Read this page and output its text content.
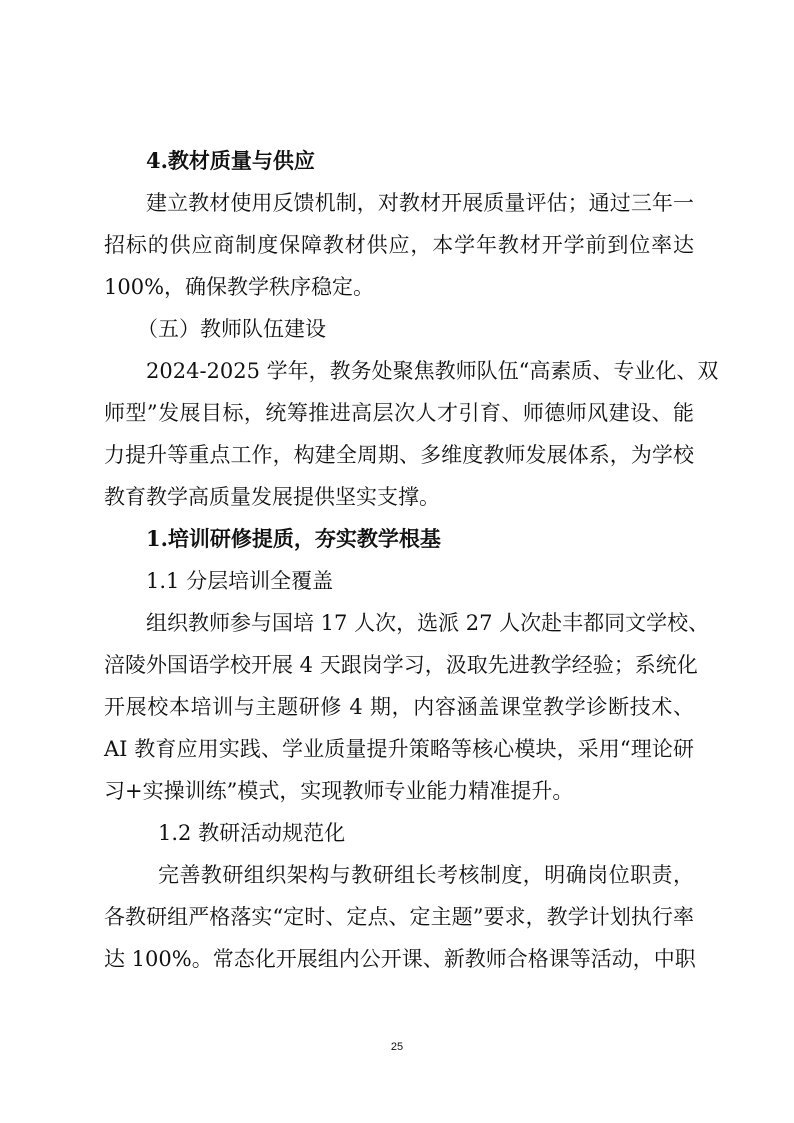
4.教材质量与供应
建立教材使用反馈机制，对教材开展质量评估；通过三年一
招标的供应商制度保障教材供应，本学年教材开学前到位率达
100%，确保教学秩序稳定。
（五）教师队伍建设
2024-2025 学年，教务处聚焦教师队伍“高素质、专业化、双
师型”发展目标，统筹推进高层次人才引育、师德师风建设、能
力提升等重点工作，构建全周期、多维度教师发展体系，为学校
教育教学高质量发展提供坚实支撑。
1.培训研修提质，夯实教学根基
1.1 分层培训全覆盖
组织教师参与国培 17 人次，选派 27 人次赴丰都同文学校、
涪陵外国语学校开展 4 天跟岗学习，汲取先进教学经验；系统化
开展校本培训与主题研修 4 期，内容涵盖课堂教学诊断技术、
AI 教育应用实践、学业质量提升策略等核心模块，采用“理论研
习+实操训练”模式，实现教师专业能力精准提升。
1.2 教研活动规范化
完善教研组织架构与教研组长考核制度，明确岗位职责，
各教研组严格落实“定时、定点、定主题”要求，教学计划执行率
达 100%。常态化开展组内公开课、新教师合格课等活动，中职
25
